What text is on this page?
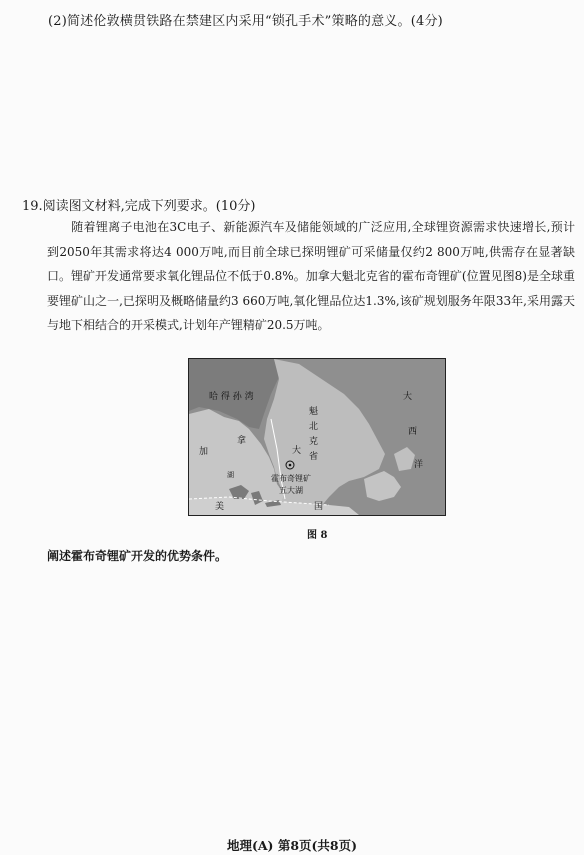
(2)简述伦敦横贯铁路在禁建区内采用“锁孔手术”策略的意义。(4分)
19.阅读图文材料,完成下列要求。(10分)
随着锂离子电池在3C电子、新能源汽车及储能领域的广泛应用,全球锂资源需求快速增长,预计到2050年其需求将达4 000万吨,而目前全球已探明锂矿可采储量仅约2 800万吨,供需存在显著缺口。锂矿开发通常要求氧化锂品位不低于0.8%。加拿大魁北克省的霍布奇锂矿(位置见图8)是全球重要锂矿山之一,已探明及概略储量约3 660万吨,氧化锂品位达1.3%,该矿规划服务年限33年,采用露天与地下相结合的开采模式,计划年产锂精矿20.5万吨。
哈 得 孙 湾
加
拿
大
魁
北
克
省
大
西
洋
霍布奇锂矿
五大湖
美	国
湖
图 8
阐述霍布奇锂矿开发的优势条件。
地理(A) 第8页(共8页)
